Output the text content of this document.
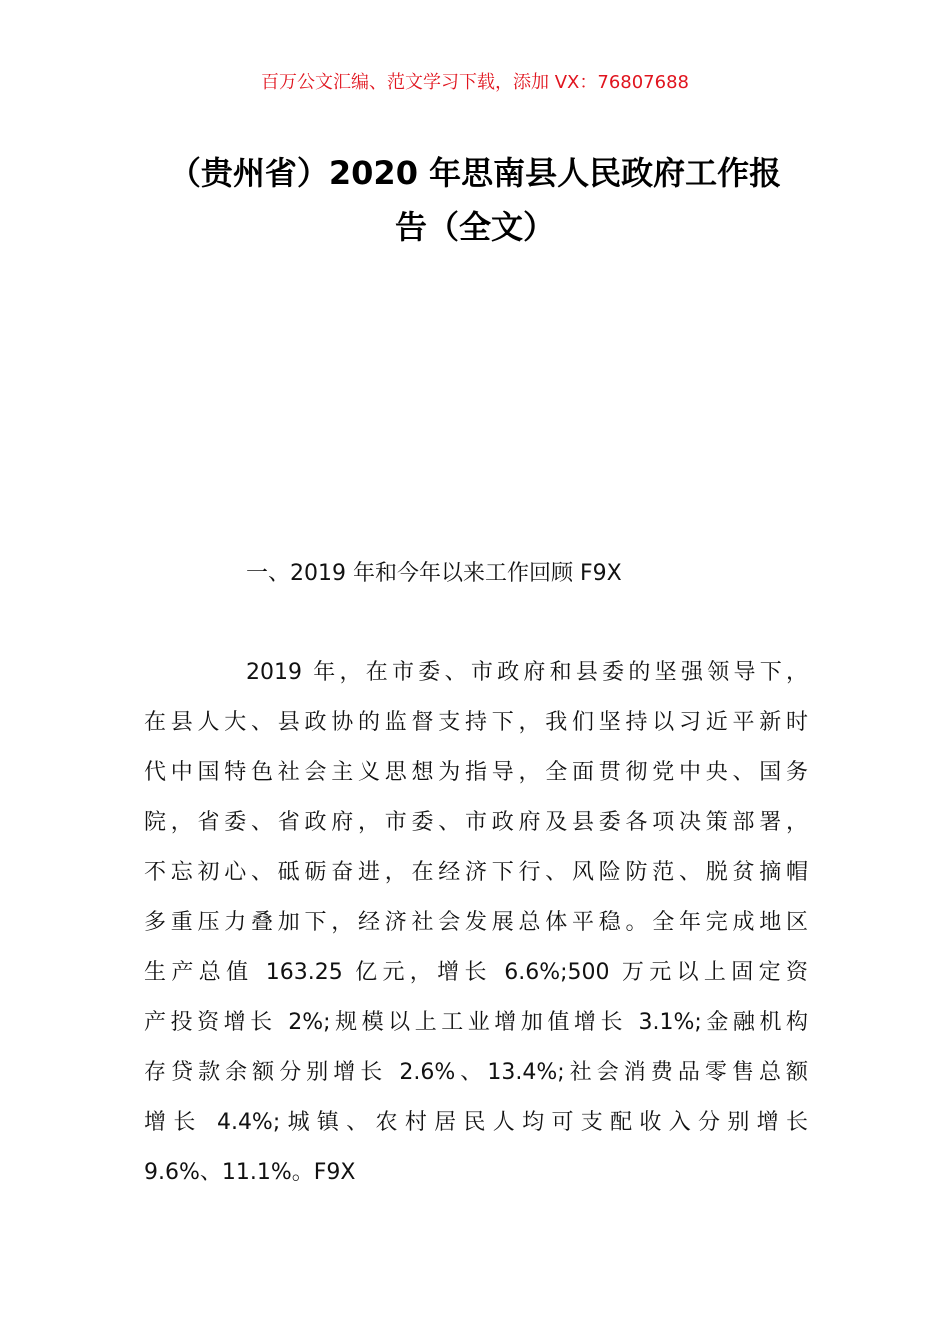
百万公文汇编、范文学习下载，添加 VX：76807688
（贵州省）2020 年思南县人民政府工作报
告（全文）
一、2019 年和今年以来工作回顾 F9X
2019 年，在市委、市政府和县委的坚强领导下，
在县人大、县政协的监督支持下，我们坚持以习近平新时
代中国特色社会主义思想为指导，全面贯彻党中央、国务
院，省委、省政府，市委、市政府及县委各项决策部署，
不忘初心、砥砺奋进，在经济下行、风险防范、脱贫摘帽
多重压力叠加下，经济社会发展总体平稳。全年完成地区
生产总值 163.25 亿元，增长 6.6%;500 万元以上固定资
产投资增长 2%;规模以上工业增加值增长 3.1%;金融机构
存贷款余额分别增长 2.6%、13.4%;社会消费品零售总额
增长 4.4%;城镇、农村居民人均可支配收入分别增长
9.6%、11.1%。F9X
